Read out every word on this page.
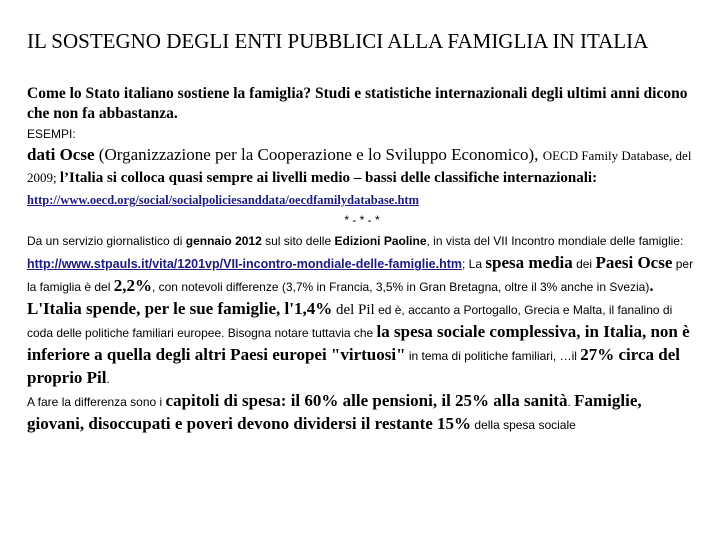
IL SOSTEGNO DEGLI ENTI PUBBLICI ALLA FAMIGLIA IN ITALIA
Come lo Stato italiano sostiene la famiglia? Studi e statistiche internazionali degli ultimi anni dicono che non fa abbastanza.

ESEMPI:

dati Ocse (Organizzazione per la Cooperazione e lo Sviluppo Economico), OECD Family Database, del 2009; l’Italia si colloca quasi sempre ai livelli medio – bassi delle classifiche internazionali: http://www.oecd.org/social/socialpoliciesanddata/oecdfamilydatabase.htm

* - * - *

Da un servizio giornalistico di gennaio 2012 sul sito delle Edizioni Paoline, in vista del VII Incontro mondiale delle famiglie: http://www.stpauls.it/vita/1201vp/VII-incontro-mondiale-delle-famiglie.htm; La spesa media dei Paesi Ocse per la famiglia è del 2,2%, con notevoli differenze (3,7% in Francia, 3,5% in Gran Bretagna, oltre il 3% anche in Svezia). L'Italia spende, per le sue famiglie, l'1,4% del Pil ed è, accanto a Portogallo, Grecia e Malta, il fanalino di coda delle politiche familiari europee. Bisogna notare tuttavia che la spesa sociale complessiva, in Italia, non è inferiore a quella degli altri Paesi europei "virtuosi" in tema di politiche familiari, …il 27% circa del proprio Pil.

A fare la differenza sono i capitoli di spesa: il 60% alle pensioni, il 25% alla sanità. Famiglie, giovani, disoccupati e poveri devono dividersi il restante 15% della spesa sociale
